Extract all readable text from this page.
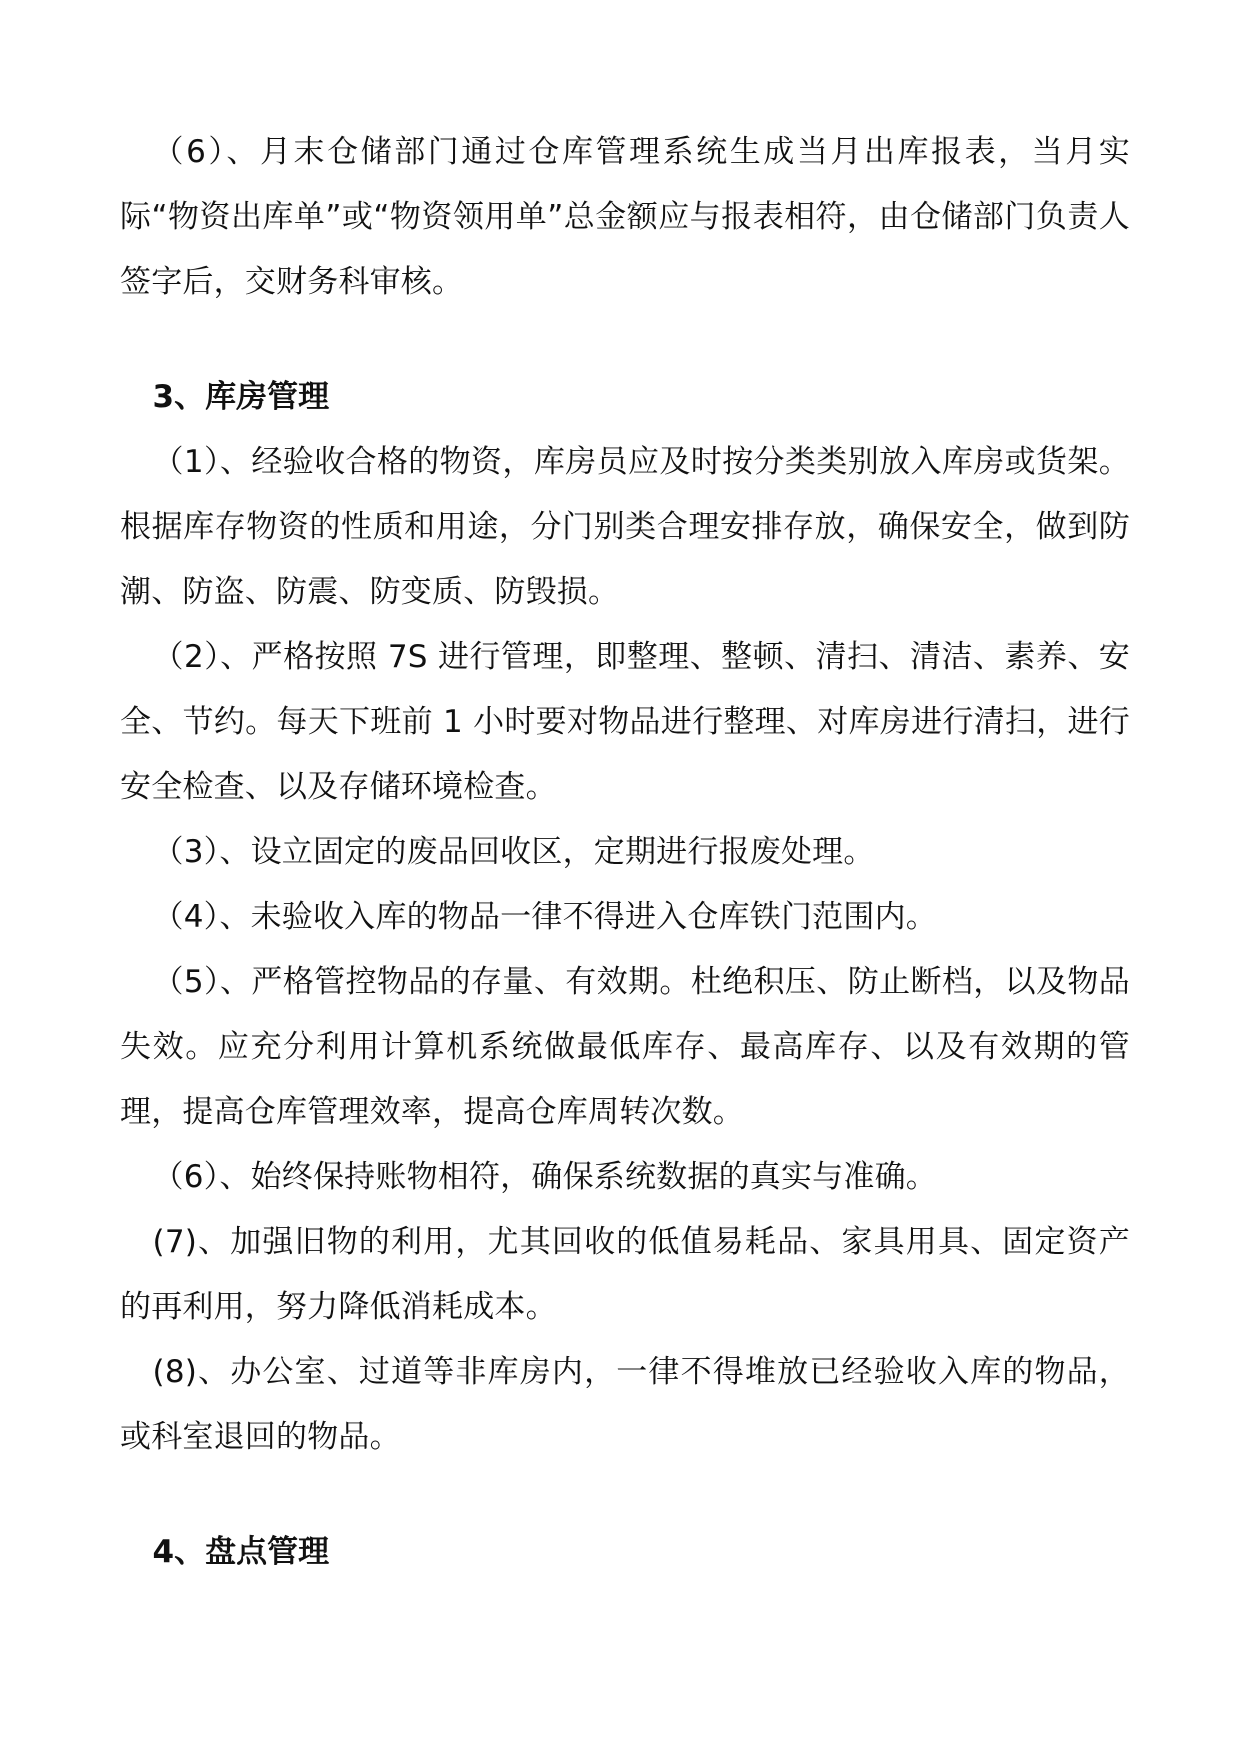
（6）、月末仓储部门通过仓库管理系统生成当月出库报表，当月实际“物资出库单”或“物资领用单”总金额应与报表相符，由仓储部门负责人签字后，交财务科审核。

3、库房管理

（1）、经验收合格的物资，库房员应及时按分类类别放入库房或货架。根据库存物资的性质和用途，分门别类合理安排存放，确保安全，做到防潮、防盗、防震、防变质、防毁损。

（2）、严格按照 7S 进行管理，即整理、整顿、清扫、清洁、素养、安全、节约。每天下班前 1 小时要对物品进行整理、对库房进行清扫，进行安全检查、以及存储环境检查。

（3）、设立固定的废品回收区，定期进行报废处理。

（4）、未验收入库的物品一律不得进入仓库铁门范围内。

（5）、严格管控物品的存量、有效期。杜绝积压、防止断档，以及物品失效。应充分利用计算机系统做最低库存、最高库存、以及有效期的管理，提高仓库管理效率，提高仓库周转次数。

（6）、始终保持账物相符，确保系统数据的真实与准确。

(7)、加强旧物的利用，尤其回收的低值易耗品、家具用具、固定资产的再利用，努力降低消耗成本。

(8)、办公室、过道等非库房内，一律不得堆放已经验收入库的物品，或科室退回的物品。

4、盘点管理
